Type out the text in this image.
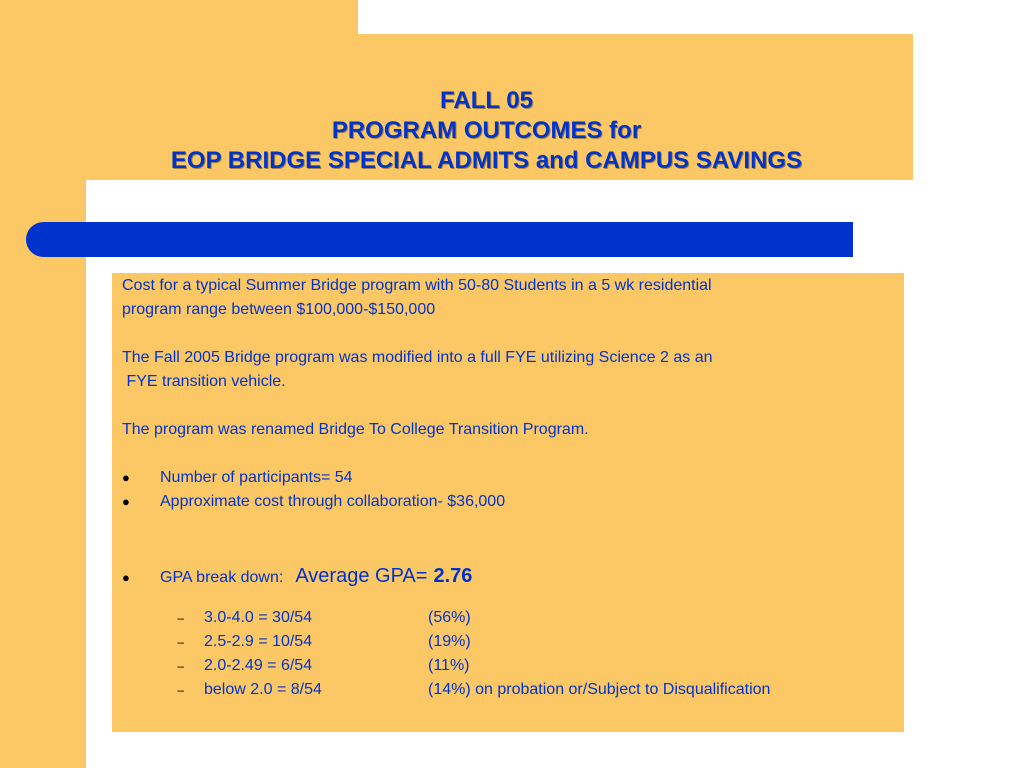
FALL 05
PROGRAM OUTCOMES for
EOP BRIDGE SPECIAL ADMITS and CAMPUS SAVINGS

Cost for a typical Summer Bridge program with 50-80 Students in a 5 wk residential

program range between $100,000-$150,000

The Fall 2005 Bridge program was modified into a full FYE utilizing Science 2 as an

FYE transition vehicle.

The program was renamed Bridge To College Transition Program.

●	Number of participants= 54
●	Approximate cost through collaboration- $36,000
●	GPA break down: Average GPA= 2.76
–	3.0-4.0 = 30/54	(56%)
–	2.5-2.9 = 10/54	(19%)
–	2.0-2.49 = 6/54	(11%)
–	below 2.0 = 8/54	(14%) on probation or/Subject to Disqualification
